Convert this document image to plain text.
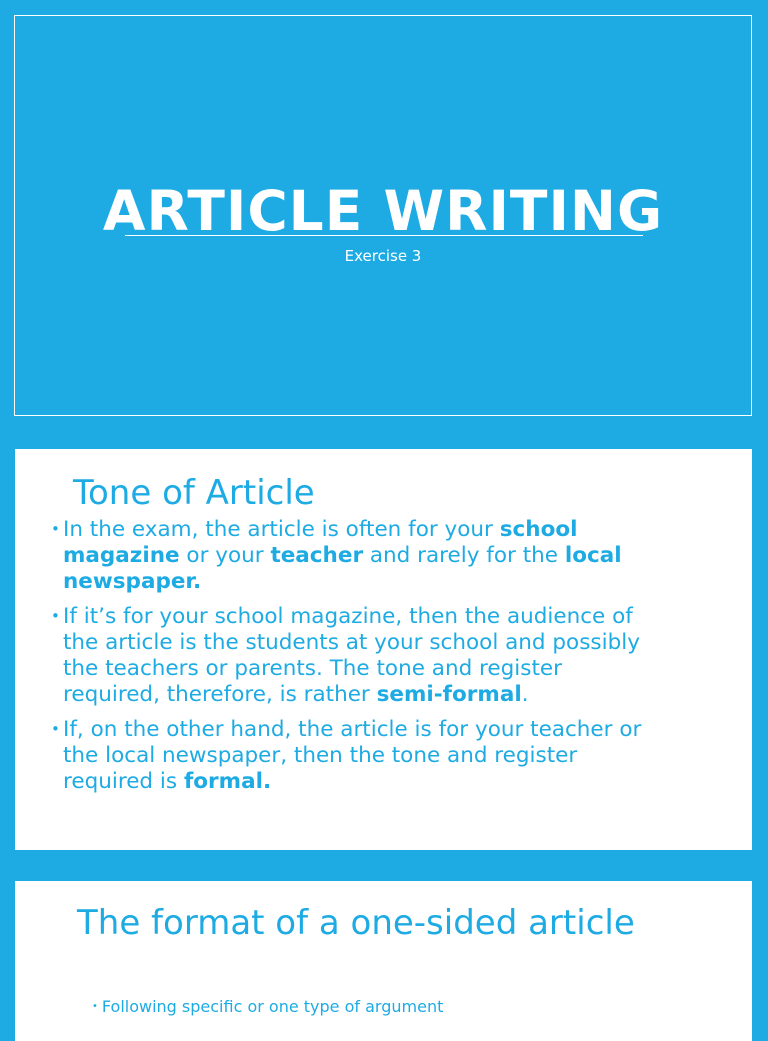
ARTICLE WRITING
Exercise 3
Tone of Article
• In the exam, the article is often for your school magazine or your teacher and rarely for the local newspaper.
• If it’s for your school magazine, then the audience of the article is the students at your school and possibly the teachers or parents. The tone and register required, therefore, is rather semi-formal.
• If, on the other hand, the article is for your teacher or the local newspaper, then the tone and register required is formal.
The format of a one-sided article
• Following specific or one type of argument
